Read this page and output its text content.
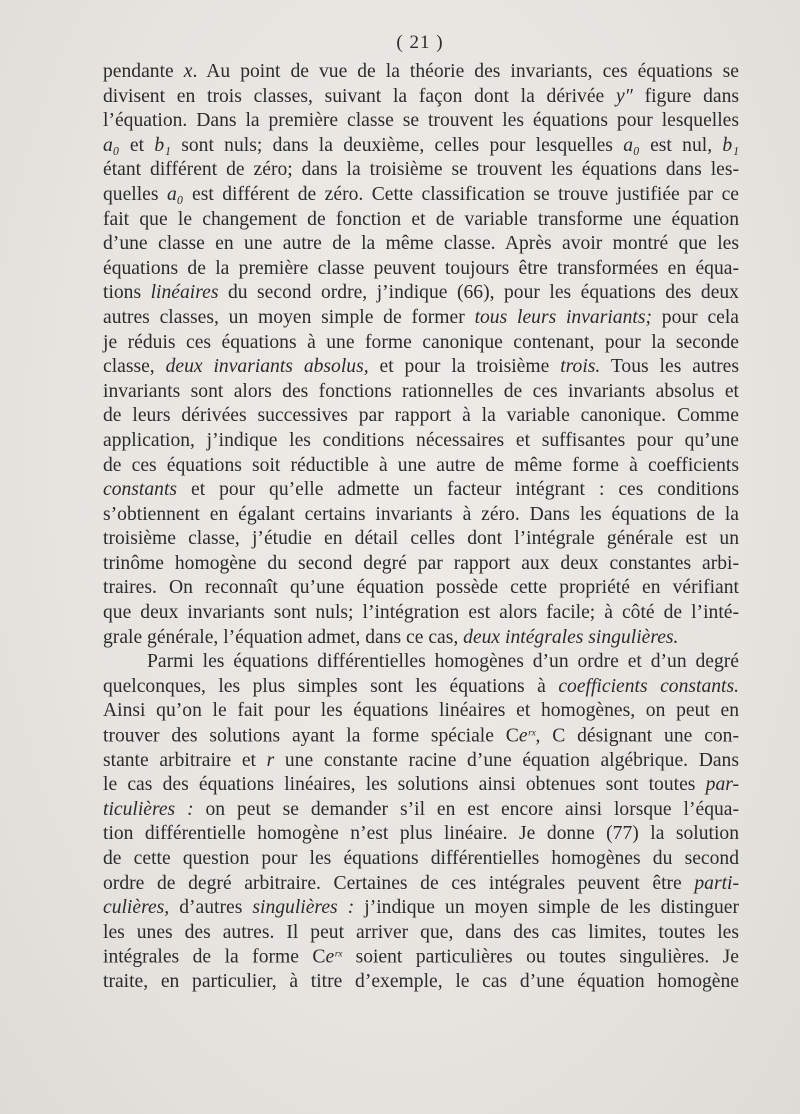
( 21 )
pendante x. Au point de vue de la théorie des invariants, ces équations se
divisent en trois classes, suivant la façon dont la dérivée y″ figure dans
l’équation. Dans la première classe se trouvent les équations pour lesquelles
a₀ et b₁ sont nuls; dans la deuxième, celles pour lesquelles a₀ est nul, b₁
étant différent de zéro; dans la troisième se trouvent les équations dans les-
quelles a₀ est différent de zéro. Cette classification se trouve justifiée par ce
fait que le changement de fonction et de variable transforme une équation
d’une classe en une autre de la même classe. Après avoir montré que les
équations de la première classe peuvent toujours être transformées en équa-
tions linéaires du second ordre, j’indique (66), pour les équations des deux
autres classes, un moyen simple de former tous leurs invariants; pour cela
je réduis ces équations à une forme canonique contenant, pour la seconde
classe, deux invariants absolus, et pour la troisième trois. Tous les autres
invariants sont alors des fonctions rationnelles de ces invariants absolus et
de leurs dérivées successives par rapport à la variable canonique. Comme
application, j’indique les conditions nécessaires et suffisantes pour qu’une
de ces équations soit réductible à une autre de même forme à coefficients
constants et pour qu’elle admette un facteur intégrant : ces conditions
s’obtiennent en égalant certains invariants à zéro. Dans les équations de la
troisième classe, j’étudie en détail celles dont l’intégrale générale est un
trinôme homogène du second degré par rapport aux deux constantes arbi-
traires. On reconnaît qu’une équation possède cette propriété en vérifiant
que deux invariants sont nuls; l’intégration est alors facile; à côté de l’inté-
grale générale, l’équation admet, dans ce cas, deux intégrales singulières.
Parmi les équations différentielles homogènes d’un ordre et d’un degré
quelconques, les plus simples sont les équations à coefficients constants.
Ainsi qu’on le fait pour les équations linéaires et homogènes, on peut en
trouver des solutions ayant la forme spéciale Ceʳˣ, C désignant une con-
stante arbitraire et r une constante racine d’une équation algébrique. Dans
le cas des équations linéaires, les solutions ainsi obtenues sont toutes par-
ticulières : on peut se demander s’il en est encore ainsi lorsque l’équa-
tion différentielle homogène n’est plus linéaire. Je donne (77) la solution
de cette question pour les équations différentielles homogènes du second
ordre de degré arbitraire. Certaines de ces intégrales peuvent être parti-
culières, d’autres singulières : j’indique un moyen simple de les distinguer
les unes des autres. Il peut arriver que, dans des cas limites, toutes les
intégrales de la forme Ceʳˣ soient particulières ou toutes singulières. Je
traite, en particulier, à titre d’exemple, le cas d’une équation homogène
